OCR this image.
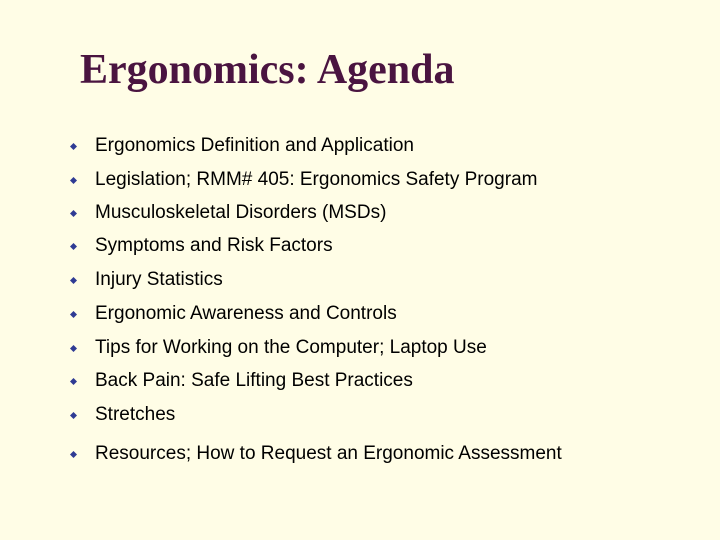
Ergonomics: Agenda
Ergonomics Definition and Application
Legislation; RMM# 405: Ergonomics Safety Program
Musculoskeletal Disorders (MSDs)
Symptoms and Risk Factors
Injury Statistics
Ergonomic Awareness and Controls
Tips for Working on the Computer; Laptop Use
Back Pain: Safe Lifting Best Practices
Stretches
Resources; How to Request an Ergonomic Assessment
